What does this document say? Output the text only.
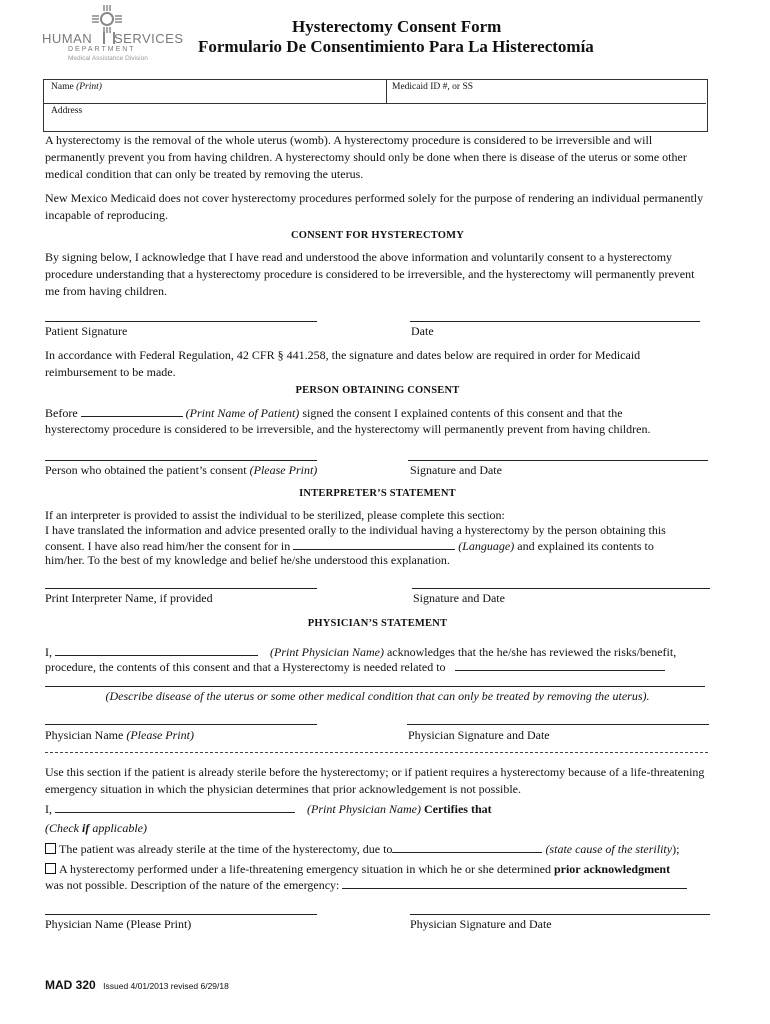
HUMAN SERVICES
DEPARTMENT
Medical Assistance Division
Hysterectomy Consent Form
Formulario De Consentimiento Para La Histerectomía
Name (Print)	Medicaid ID #, or SS
Address
A hysterectomy is the removal of the whole uterus (womb). A hysterectomy procedure is considered to be irreversible and will permanently prevent you from having children. A hysterectomy should only be done when there is disease of the uterus or some other medical condition that can only be treated by removing the uterus.
New Mexico Medicaid does not cover hysterectomy procedures performed solely for the purpose of rendering an individual permanently incapable of reproducing.
CONSENT FOR HYSTERECTOMY
By signing below, I acknowledge that I have read and understood the above information and voluntarily consent to a hysterectomy procedure understanding that a hysterectomy procedure is considered to be irreversible, and the hysterectomy will permanently prevent me from having children.
Patient Signature	Date
In accordance with Federal Regulation, 42 CFR § 441.258, the signature and dates below are required in order for Medicaid reimbursement to be made.
PERSON OBTAINING CONSENT
Before	(Print Name of Patient) signed the consent I explained contents of this consent and that the
hysterectomy procedure is considered to be irreversible, and the hysterectomy will permanently prevent from having children.
Person who obtained the patient’s consent (Please Print)	Signature and Date
INTERPRETER’S STATEMENT
If an interpreter is provided to assist the individual to be sterilized, please complete this section:
I have translated the information and advice presented orally to the individual having a hysterectomy by the person obtaining this
consent. I have also read him/her the consent for in	(Language) and explained its contents to
him/her. To the best of my knowledge and belief he/she understood this explanation.
Print Interpreter Name, if provided	Signature and Date
PHYSICIAN’S STATEMENT
I,	(Print Physician Name) acknowledges that the he/she has reviewed the risks/benefit,
procedure, the contents of this consent and that a Hysterectomy is needed related to
(Describe disease of the uterus or some other medical condition that can only be treated by removing the uterus).
Physician Name (Please Print)	Physician Signature and Date
Use this section if the patient is already sterile before the hysterectomy; or if patient requires a hysterectomy because of a life-threatening emergency situation in which the physician determines that prior acknowledgement is not possible.
I,	(Print Physician Name) Certifies that
(Check if applicable)
The patient was already sterile at the time of the hysterectomy, due to	(state cause of the sterility);
A hysterectomy performed under a life-threatening emergency situation in which he or she determined prior acknowledgment
was not possible. Description of the nature of the emergency:
Physician Name (Please Print)	Physician Signature and Date
MAD 320 Issued 4/01/2013 revised 6/29/18
